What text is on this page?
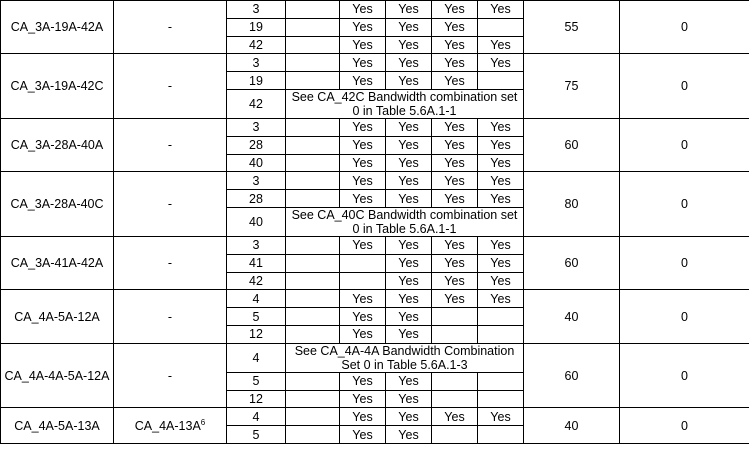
CA_3A-19A-42A	-	3		Yes	Yes	Yes	Yes	55	0
		19		Yes	Yes	Yes			
		42		Yes	Yes	Yes	Yes		
CA_3A-19A-42C	-	3		Yes	Yes	Yes	Yes	75	0
		19		Yes	Yes	Yes			
		42	See CA_42C Bandwidth combination set 0 in Table 5.6A.1-1						
CA_3A-28A-40A	-	3		Yes	Yes	Yes	Yes	60	0
		28		Yes	Yes	Yes	Yes		
		40		Yes	Yes	Yes	Yes		
CA_3A-28A-40C	-	3		Yes	Yes	Yes	Yes	80	0
		28		Yes	Yes	Yes	Yes		
		40	See CA_40C Bandwidth combination set 0 in Table 5.6A.1-1						
CA_3A-41A-42A	-	3		Yes	Yes	Yes	Yes	60	0
		41			Yes	Yes	Yes		
		42			Yes	Yes	Yes		
CA_4A-5A-12A	-	4		Yes	Yes	Yes	Yes	40	0
		5		Yes	Yes				
		12		Yes	Yes				
CA_4A-4A-5A-12A	-	4	See CA_4A-4A Bandwidth Combination Set 0 in Table 5.6A.1-3					60	0
		5		Yes	Yes				
		12		Yes	Yes				
CA_4A-5A-13A	$CA\_4A-13A^6$	4		Yes	Yes	Yes	Yes	40	0
		5		Yes	Yes				
